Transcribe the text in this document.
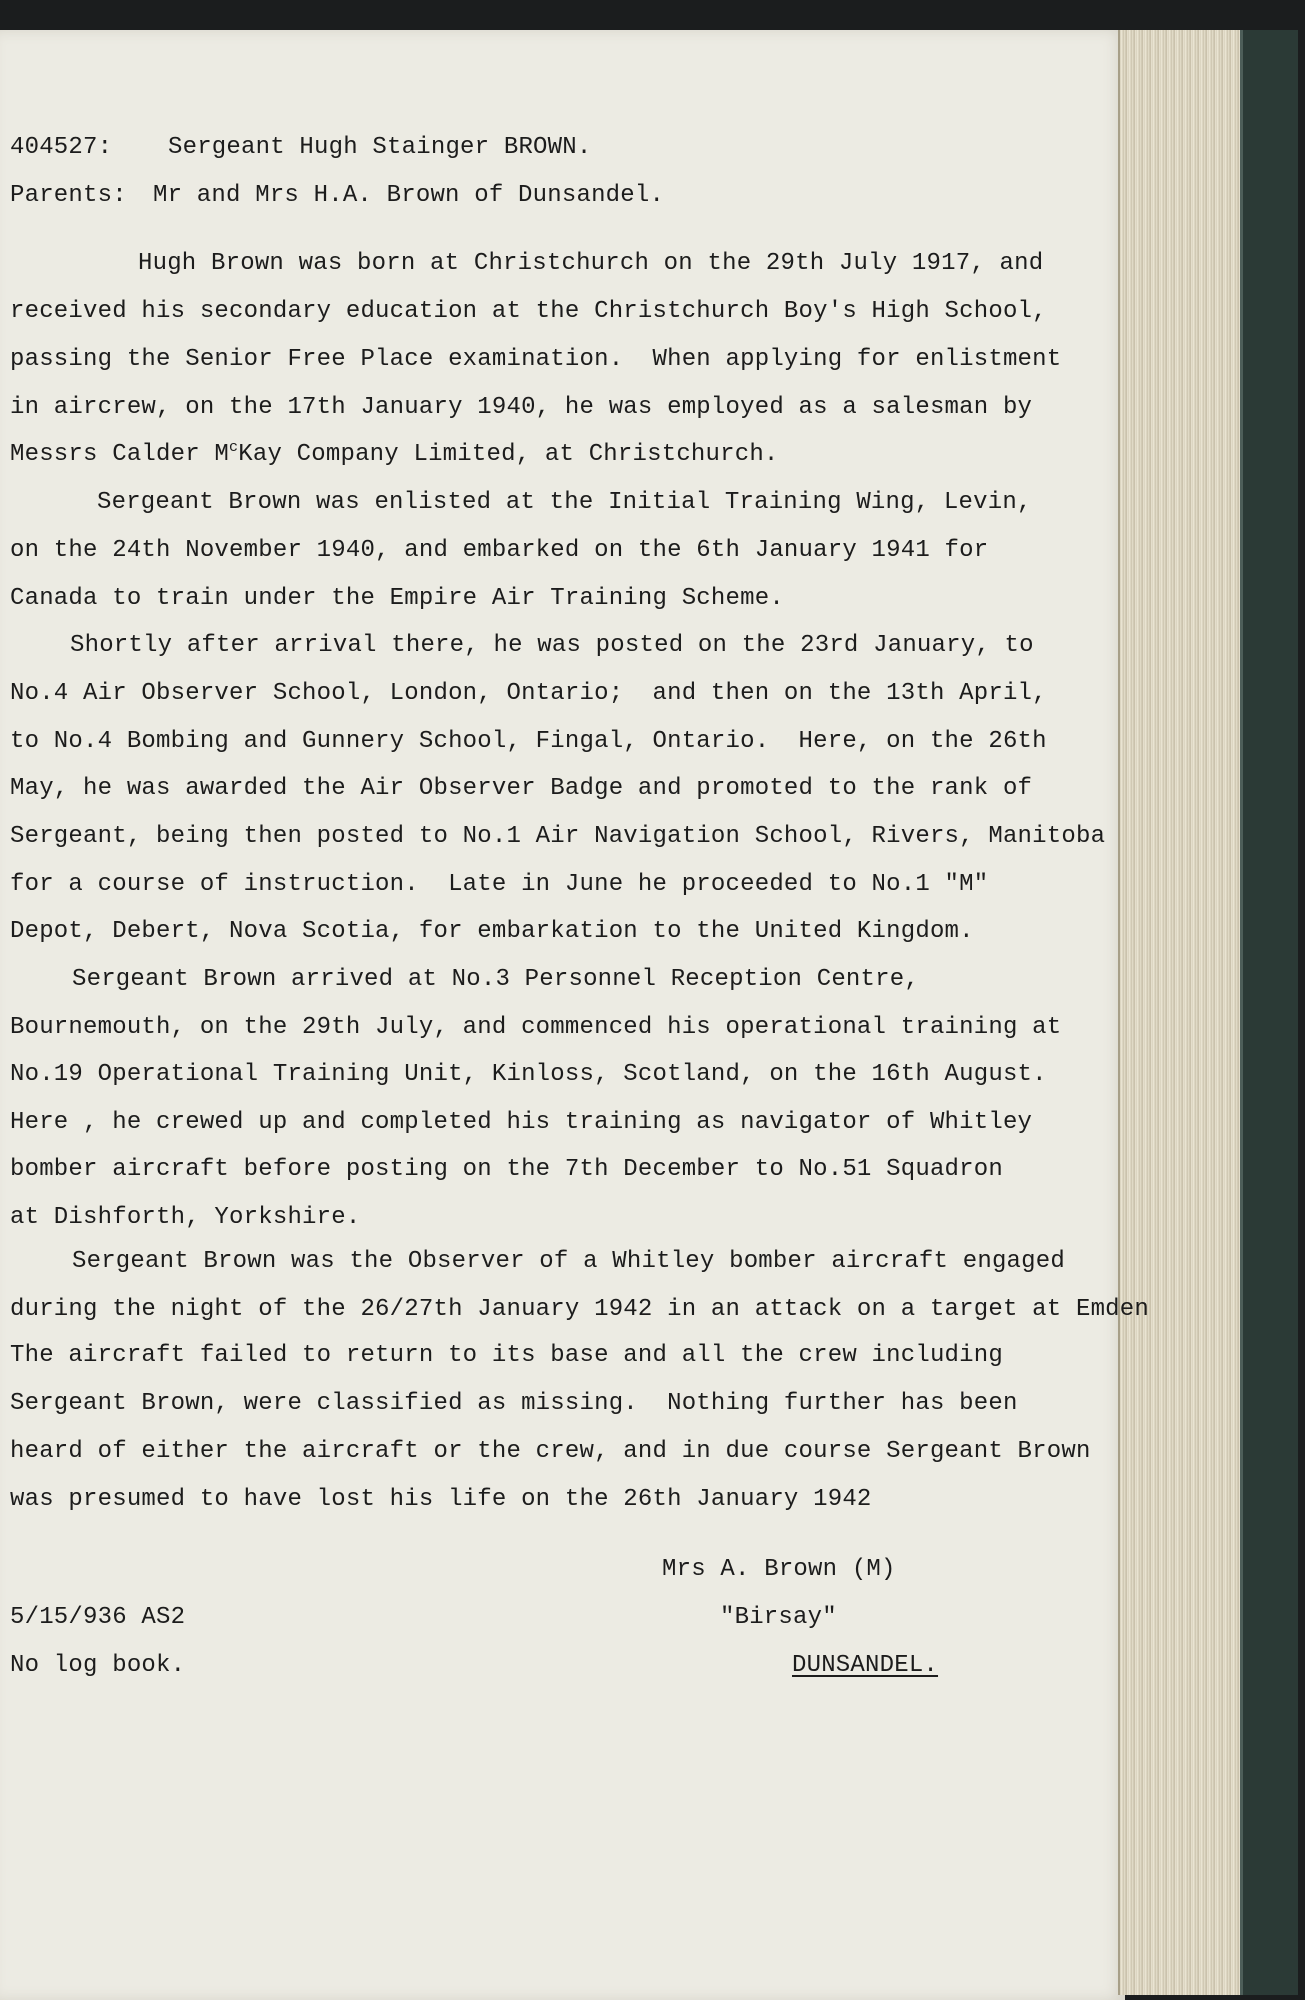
404527: Sergeant Hugh Stainger BROWN.
Parents: Mr and Mrs H.A. Brown of Dunsandel.
Hugh Brown was born at Christchurch on the 29th July 1917, and
received his secondary education at the Christchurch Boy's High School,
passing the Senior Free Place examination.  When applying for enlistment
in aircrew, on the 17th January 1940, he was employed as a salesman by
Messrs Calder $M^cKay$ Company Limited, at Christchurch.
Sergeant Brown was enlisted at the Initial Training Wing, Levin,
on the 24th November 1940, and embarked on the 6th January 1941 for
Canada to train under the Empire Air Training Scheme.
Shortly after arrival there, he was posted on the 23rd January, to
No.4 Air Observer School, London, Ontario;  and then on the 13th April,
to No.4 Bombing and Gunnery School, Fingal, Ontario.  Here, on the 26th
May, he was awarded the Air Observer Badge and promoted to the rank of
Sergeant, being then posted to No.1 Air Navigation School, Rivers, Manitoba
for a course of instruction.  Late in June he proceeded to No.1 "M"
Depot, Debert, Nova Scotia, for embarkation to the United Kingdom.
Sergeant Brown arrived at No.3 Personnel Reception Centre,
Bournemouth, on the 29th July, and commenced his operational training at
No.19 Operational Training Unit, Kinloss, Scotland, on the 16th August.
Here , he crewed up and completed his training as navigator of Whitley
bomber aircraft before posting on the 7th December to No.51 Squadron
at Dishforth, Yorkshire.
Sergeant Brown was the Observer of a Whitley bomber aircraft engaged
during the night of the 26/27th January 1942 in an attack on a target at Emden
The aircraft failed to return to its base and all the crew including
Sergeant Brown, were classified as missing.  Nothing further has been
heard of either the aircraft or the crew, and in due course Sergeant Brown
was presumed to have lost his life on the 26th January 1942
Mrs A. Brown (M)
"Birsay"
DUNSANDEL.
5/15/936 AS2
No log book.
